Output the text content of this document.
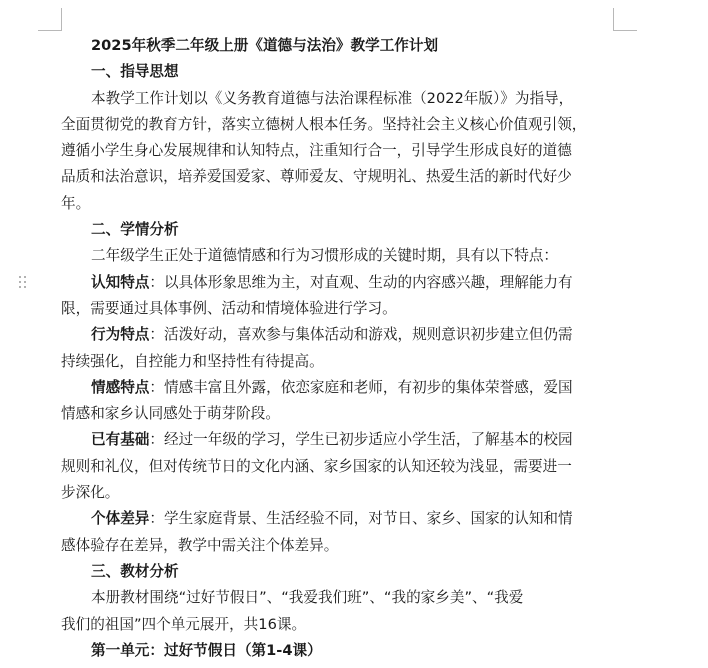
2025年秋季二年级上册《道德与法治》教学工作计划
一、指导思想
本教学工作计划以《义务教育道德与法治课程标准（2022年版）》为指导，
全面贯彻党的教育方针，落实立德树人根本任务。坚持社会主义核心价值观引领，
遵循小学生身心发展规律和认知特点，注重知行合一，引导学生形成良好的道德
品质和法治意识，培养爱国爱家、尊师爱友、守规明礼、热爱生活的新时代好少
年。
二、学情分析
二年级学生正处于道德情感和行为习惯形成的关键时期，具有以下特点：
认知特点：以具体形象思维为主，对直观、生动的内容感兴趣，理解能力有
限，需要通过具体事例、活动和情境体验进行学习。
行为特点：活泼好动，喜欢参与集体活动和游戏，规则意识初步建立但仍需
持续强化，自控能力和坚持性有待提高。
情感特点：情感丰富且外露，依恋家庭和老师，有初步的集体荣誉感，爱国
情感和家乡认同感处于萌芽阶段。
已有基础：经过一年级的学习，学生已初步适应小学生活，了解基本的校园
规则和礼仪，但对传统节日的文化内涵、家乡国家的认知还较为浅显，需要进一
步深化。
个体差异：学生家庭背景、生活经验不同，对节日、家乡、国家的认知和情
感体验存在差异，教学中需关注个体差异。
三、教材分析
本册教材围绕“过好节假日”、“我爱我们班”、“我的家乡美”、“我爱
我们的祖国”四个单元展开，共16课。
第一单元：过好节假日（第1-4课）
